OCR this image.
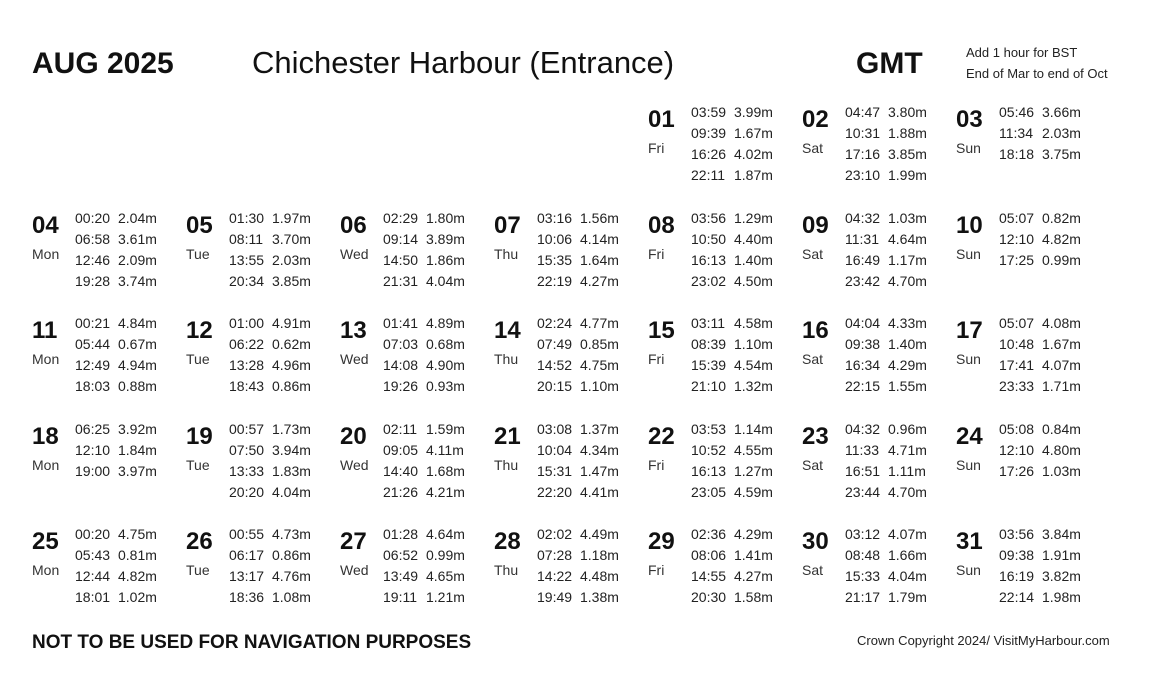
AUG 2025	Chichester Harbour (Entrance)	GMT	Add 1 hour for BST
End of Mar to end of Oct
01
Fri
03:59 3.99m
09:39 1.67m
16:26 4.02m
22:11 1.87m
02
Sat
04:47 3.80m
10:31 1.88m
17:16 3.85m
23:10 1.99m
03
Sun
05:46 3.66m
11:34 2.03m
18:18 3.75m
04
Mon
00:20 2.04m
06:58 3.61m
12:46 2.09m
19:28 3.74m
05
Tue
01:30 1.97m
08:11 3.70m
13:55 2.03m
20:34 3.85m
06
Wed
02:29 1.80m
09:14 3.89m
14:50 1.86m
21:31 4.04m
07
Thu
03:16 1.56m
10:06 4.14m
15:35 1.64m
22:19 4.27m
08
Fri
03:56 1.29m
10:50 4.40m
16:13 1.40m
23:02 4.50m
09
Sat
04:32 1.03m
11:31 4.64m
16:49 1.17m
23:42 4.70m
10
Sun
05:07 0.82m
12:10 4.82m
17:25 0.99m
11
Mon
00:21 4.84m
05:44 0.67m
12:49 4.94m
18:03 0.88m
12
Tue
01:00 4.91m
06:22 0.62m
13:28 4.96m
18:43 0.86m
13
Wed
01:41 4.89m
07:03 0.68m
14:08 4.90m
19:26 0.93m
14
Thu
02:24 4.77m
07:49 0.85m
14:52 4.75m
20:15 1.10m
15
Fri
03:11 4.58m
08:39 1.10m
15:39 4.54m
21:10 1.32m
16
Sat
04:04 4.33m
09:38 1.40m
16:34 4.29m
22:15 1.55m
17
Sun
05:07 4.08m
10:48 1.67m
17:41 4.07m
23:33 1.71m
18
Mon
06:25 3.92m
12:10 1.84m
19:00 3.97m
19
Tue
00:57 1.73m
07:50 3.94m
13:33 1.83m
20:20 4.04m
20
Wed
02:11 1.59m
09:05 4.11m
14:40 1.68m
21:26 4.21m
21
Thu
03:08 1.37m
10:04 4.34m
15:31 1.47m
22:20 4.41m
22
Fri
03:53 1.14m
10:52 4.55m
16:13 1.27m
23:05 4.59m
23
Sat
04:32 0.96m
11:33 4.71m
16:51 1.11m
23:44 4.70m
24
Sun
05:08 0.84m
12:10 4.80m
17:26 1.03m
25
Mon
00:20 4.75m
05:43 0.81m
12:44 4.82m
18:01 1.02m
26
Tue
00:55 4.73m
06:17 0.86m
13:17 4.76m
18:36 1.08m
27
Wed
01:28 4.64m
06:52 0.99m
13:49 4.65m
19:11 1.21m
28
Thu
02:02 4.49m
07:28 1.18m
14:22 4.48m
19:49 1.38m
29
Fri
02:36 4.29m
08:06 1.41m
14:55 4.27m
20:30 1.58m
30
Sat
03:12 4.07m
08:48 1.66m
15:33 4.04m
21:17 1.79m
31
Sun
03:56 3.84m
09:38 1.91m
16:19 3.82m
22:14 1.98m
NOT TO BE USED FOR NAVIGATION PURPOSES	Crown Copyright 2024/ VisitMyHarbour.com
